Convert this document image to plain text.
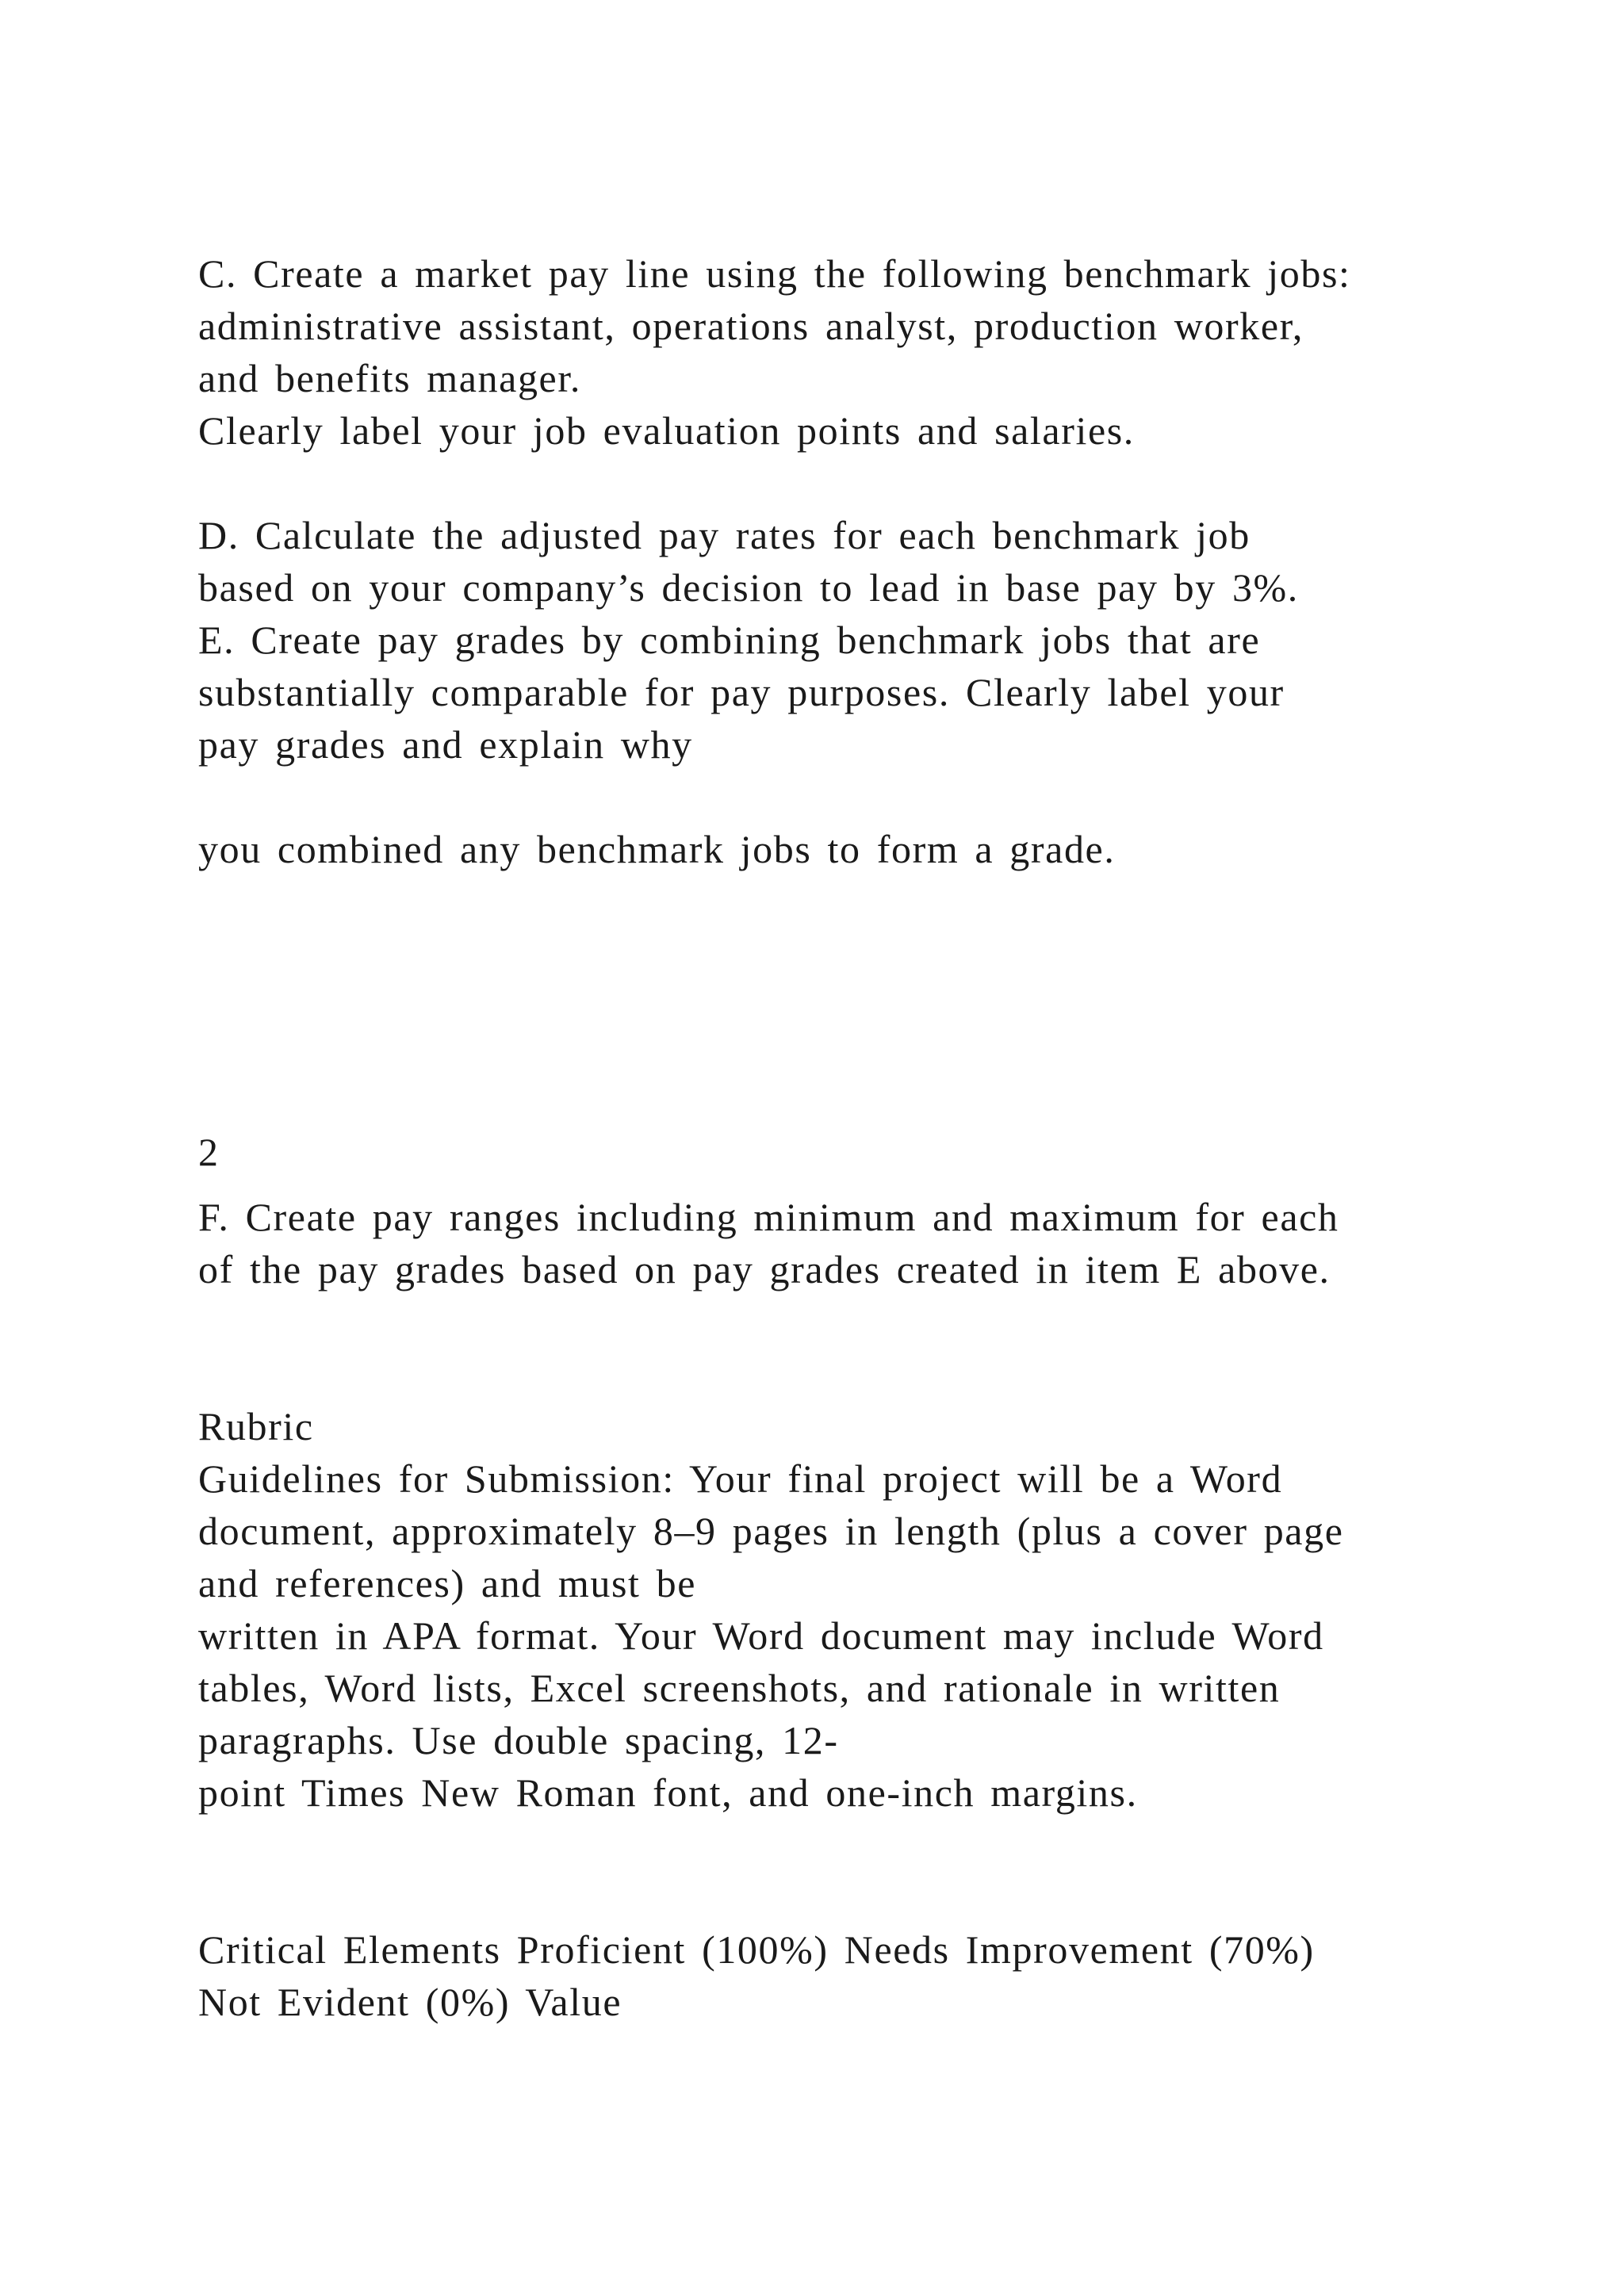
C. Create a market pay line using the following benchmark jobs:
administrative assistant, operations analyst, production worker,
and benefits manager.
Clearly label your job evaluation points and salaries.
D. Calculate the adjusted pay rates for each benchmark job
based on your company’s decision to lead in base pay by 3%.
E. Create pay grades by combining benchmark jobs that are
substantially comparable for pay purposes. Clearly label your
pay grades and explain why
you combined any benchmark jobs to form a grade.
2
F. Create pay ranges including minimum and maximum for each
of the pay grades based on pay grades created in item E above.
Rubric
Guidelines for Submission: Your final project will be a Word
document, approximately 8–9 pages in length (plus a cover page
and references) and must be
written in APA format. Your Word document may include Word
tables, Word lists, Excel screenshots, and rationale in written
paragraphs. Use double spacing, 12-
point Times New Roman font, and one-inch margins.
Critical Elements Proficient (100%) Needs Improvement (70%)
Not Evident (0%) Value
